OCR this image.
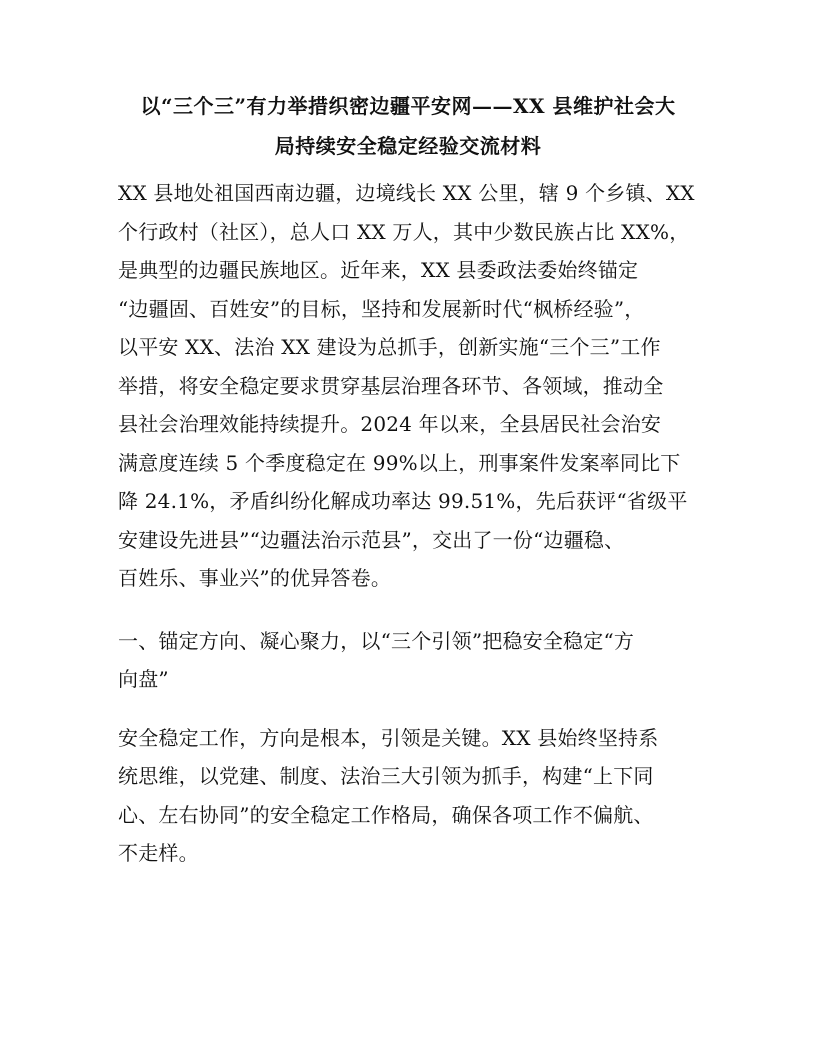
以“三个三”有力举措织密边疆平安网——XX 县维护社会大
局持续安全稳定经验交流材料
XX 县地处祖国西南边疆，边境线长 XX 公里，辖 9 个乡镇、XX
个行政村（社区），总人口 XX 万人，其中少数民族占比 XX%，
是典型的边疆民族地区。近年来，XX 县委政法委始终锚定
“边疆固、百姓安”的目标，坚持和发展新时代“枫桥经验”，
以平安 XX、法治 XX 建设为总抓手，创新实施“三个三”工作
举措，将安全稳定要求贯穿基层治理各环节、各领域，推动全
县社会治理效能持续提升。2024 年以来，全县居民社会治安
满意度连续 5 个季度稳定在 99%以上，刑事案件发案率同比下
降 24.1%，矛盾纠纷化解成功率达 99.51%，先后获评“省级平
安建设先进县”“边疆法治示范县”，交出了一份“边疆稳、
百姓乐、事业兴”的优异答卷。
一、锚定方向、凝心聚力，以“三个引领”把稳安全稳定“方
向盘”
安全稳定工作，方向是根本，引领是关键。XX 县始终坚持系
统思维，以党建、制度、法治三大引领为抓手，构建“上下同
心、左右协同”的安全稳定工作格局，确保各项工作不偏航、
不走样。
